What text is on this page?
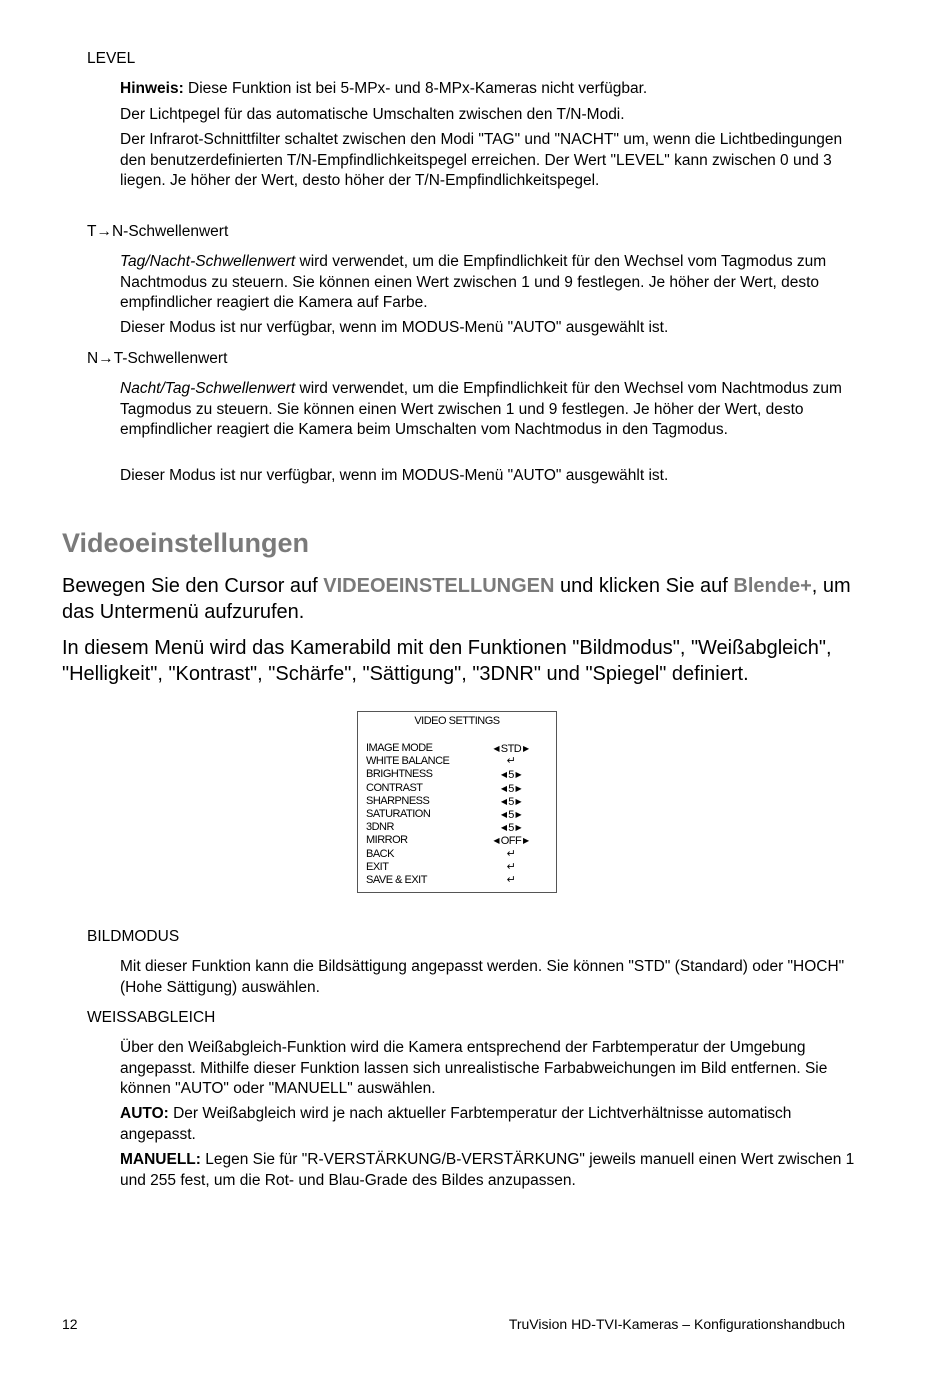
LEVEL

Hinweis: Diese Funktion ist bei 5-MPx- und 8-MPx-Kameras nicht verfügbar.

Der Lichtpegel für das automatische Umschalten zwischen den T/N-Modi.

Der Infrarot-Schnittfilter schaltet zwischen den Modi "TAG" und "NACHT" um, wenn die Lichtbedingungen den benutzerdefinierten T/N-Empfindlichkeitspegel erreichen. Der Wert "LEVEL" kann zwischen 0 und 3 liegen. Je höher der Wert, desto höher der T/N-Empfindlichkeitspegel.

T→N-Schwellenwert

Tag/Nacht-Schwellenwert wird verwendet, um die Empfindlichkeit für den Wechsel vom Tagmodus zum Nachtmodus zu steuern. Sie können einen Wert zwischen 1 und 9 festlegen. Je höher der Wert, desto empfindlicher reagiert die Kamera auf Farbe.

Dieser Modus ist nur verfügbar, wenn im MODUS-Menü "AUTO" ausgewählt ist.

N→T-Schwellenwert

Nacht/Tag-Schwellenwert wird verwendet, um die Empfindlichkeit für den Wechsel vom Nachtmodus zum Tagmodus zu steuern. Sie können einen Wert zwischen 1 und 9 festlegen. Je höher der Wert, desto empfindlicher reagiert die Kamera beim Umschalten vom Nachtmodus in den Tagmodus.

Dieser Modus ist nur verfügbar, wenn im MODUS-Menü "AUTO" ausgewählt ist.

Videoeinstellungen

Bewegen Sie den Cursor auf VIDEOEINSTELLUNGEN und klicken Sie auf Blende+, um das Untermenü aufzurufen.

In diesem Menü wird das Kamerabild mit den Funktionen "Bildmodus", "Weißabgleich", "Helligkeit", "Kontrast", "Schärfe", "Sättigung", "3DNR" und "Spiegel" definiert.

VIDEO SETTINGS
IMAGE MODE	◀ STD ▶
WHITE BALANCE	↵
BRIGHTNESS	◀ 5 ▶
CONTRAST	◀ 5 ▶
SHARPNESS	◀ 5 ▶
SATURATION	◀ 5 ▶
3DNR	◀ 5 ▶
MIRROR	◀ OFF ▶
BACK	↵
EXIT	↵
SAVE & EXIT	↵
BILDMODUS

Mit dieser Funktion kann die Bildsättigung angepasst werden. Sie können "STD" (Standard) oder "HOCH" (Hohe Sättigung) auswählen.

WEISSABGLEICH

Über den Weißabgleich-Funktion wird die Kamera entsprechend der Farbtemperatur der Umgebung angepasst. Mithilfe dieser Funktion lassen sich unrealistische Farbabweichungen im Bild entfernen. Sie können "AUTO" oder "MANUELL" auswählen.

AUTO: Der Weißabgleich wird je nach aktueller Farbtemperatur der Lichtverhältnisse automatisch angepasst.

MANUELL: Legen Sie für "R-VERSTÄRKUNG/B-VERSTÄRKUNG" jeweils manuell einen Wert zwischen 1 und 255 fest, um die Rot- und Blau-Grade des Bildes anzupassen.

12	TruVision HD-TVI-Kameras – Konfigurationshandbuch
